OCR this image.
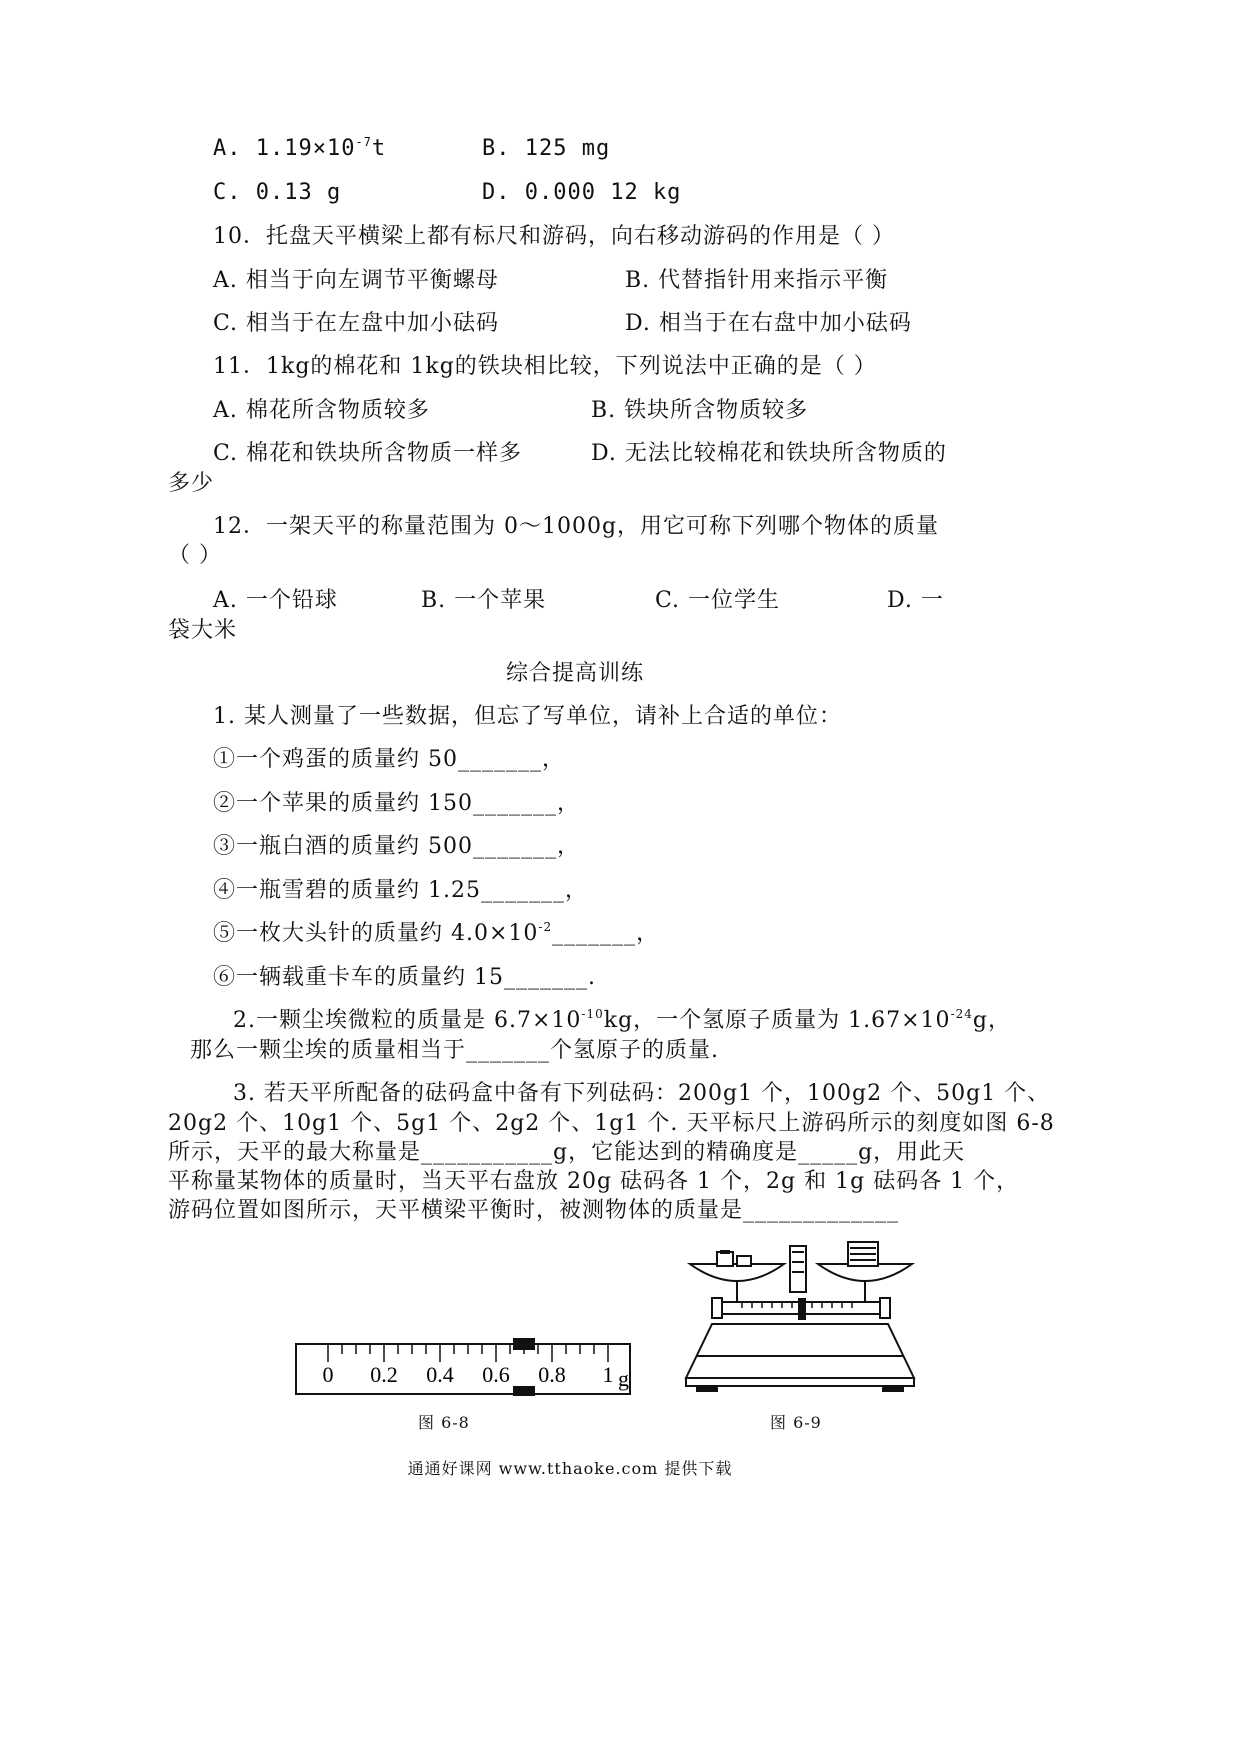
A. $1.19\times 10^{-7}t$	B. 125 mg
C. 0.13 g	D. 0.000 12 kg
10．托盘天平横梁上都有标尺和游码，向右移动游码的作用是（ ）
A. 相当于向左调节平衡螺母	B. 代替指针用来指示平衡
C. 相当于在左盘中加小砝码	D. 相当于在右盘中加小砝码
11．1kg的棉花和 1kg的铁块相比较，下列说法中正确的是（ ）
A. 棉花所含物质较多	B. 铁块所含物质较多
C. 棉花和铁块所含物质一样多	D. 无法比较棉花和铁块所含物质的
多少
12．一架天平的称量范围为 0～1000g，用它可称下列哪个物体的质量
（ ）
A. 一个铅球	B. 一个苹果	C. 一位学生	D. 一
袋大米
综合提高训练
1. 某人测量了一些数据，但忘了写单位，请补上合适的单位：
①一个鸡蛋的质量约 50_______，
②一个苹果的质量约 150_______，
③一瓶白酒的质量约 500_______，
④一瓶雪碧的质量约 1.25_______，
⑤一枚大头针的质量约 $4.0\times 10^{-2}\_\_\_\_\_\_\_$，
⑥一辆载重卡车的质量约 15_______.
2.一颗尘埃微粒的质量是 $6.7\times 10^{-10}kg$，一个氢原子质量为 $1.67\times 10^{-24}g$，
那么一颗尘埃的质量相当于_______个氢原子的质量.
3. 若天平所配备的砝码盒中备有下列砝码：200g1 个，100g2 个、50g1 个、
20g2 个、10g1 个、5g1 个、2g2 个、1g1 个. 天平标尺上游码所示的刻度如图 6-8
所示，天平的最大称量是___________g，它能达到的精确度是_____g，用此天
平称量某物体的质量时，当天平右盘放 20g 砝码各 1 个，2g 和 1g 砝码各 1 个，
游码位置如图所示，天平横梁平衡时，被测物体的质量是_____________
0 0.2 0.4 0.6 0.8 1 g
图 6-8	图 6-9
通通好课网 www.tthaoke.com 提供下载
